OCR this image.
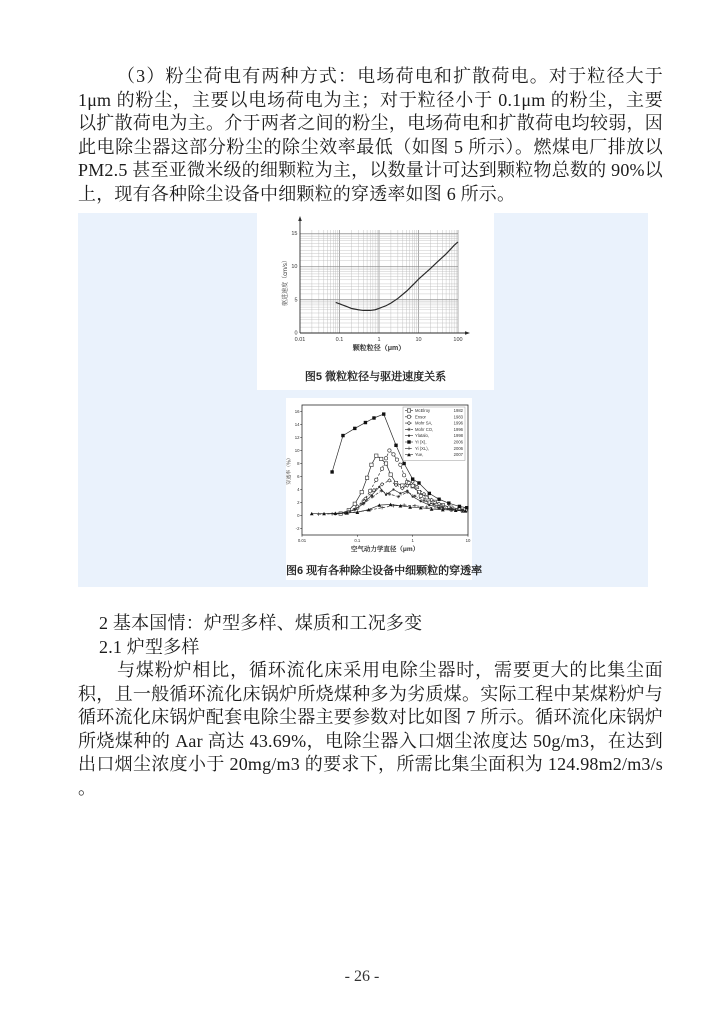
（3）粉尘荷电有两种方式：电场荷电和扩散荷电。对于粒径大于 1μm 的粉尘，主要以电场荷电为主；对于粒径小于 0.1μm 的粉尘，主要以扩散荷电为主。介于两者之间的粉尘，电场荷电和扩散荷电均较弱，因此电除尘器这部分粉尘的除尘效率最低（如图 5 所示）。燃煤电厂排放以 PM2.5 甚至亚微米级的细颗粒为主，以数量计可达到颗粒物总数的 90%以上，现有各种除尘设备中细颗粒的穿透率如图 6 所示。

0
5
10
15
0.01	0.1	1	10	100
颗粒粒径（μm）
驱进速度（cm/s）
图5 微粒粒径与驱进速度关系
-2
0
2
4
6
8
10
12
14
16
0.01	0.1	1	10
空气动力学直径（μm）
穿透率（%）
McElroy	1982
Ensor	1983
Mohr SA,	1996
Mohr CO,	1996
Ylatalo,	1998
Yi (X),	2006
Yi (XL),	2006
Yue,	2007
图6 现有各种除尘设备中细颗粒的穿透率

2 基本国情：炉型多样、煤质和工况多变

2.1 炉型多样

与煤粉炉相比，循环流化床采用电除尘器时，需要更大的比集尘面积，且一般循环流化床锅炉所烧煤种多为劣质煤。实际工程中某煤粉炉与循环流化床锅炉配套电除尘器主要参数对比如图 7 所示。循环流化床锅炉所烧煤种的 Aar 高达 43.69%，电除尘器入口烟尘浓度达 50g/m3，在达到出口烟尘浓度小于 20mg/m3 的要求下，所需比集尘面积为 124.98m2/m3/s 。

- 26 -
